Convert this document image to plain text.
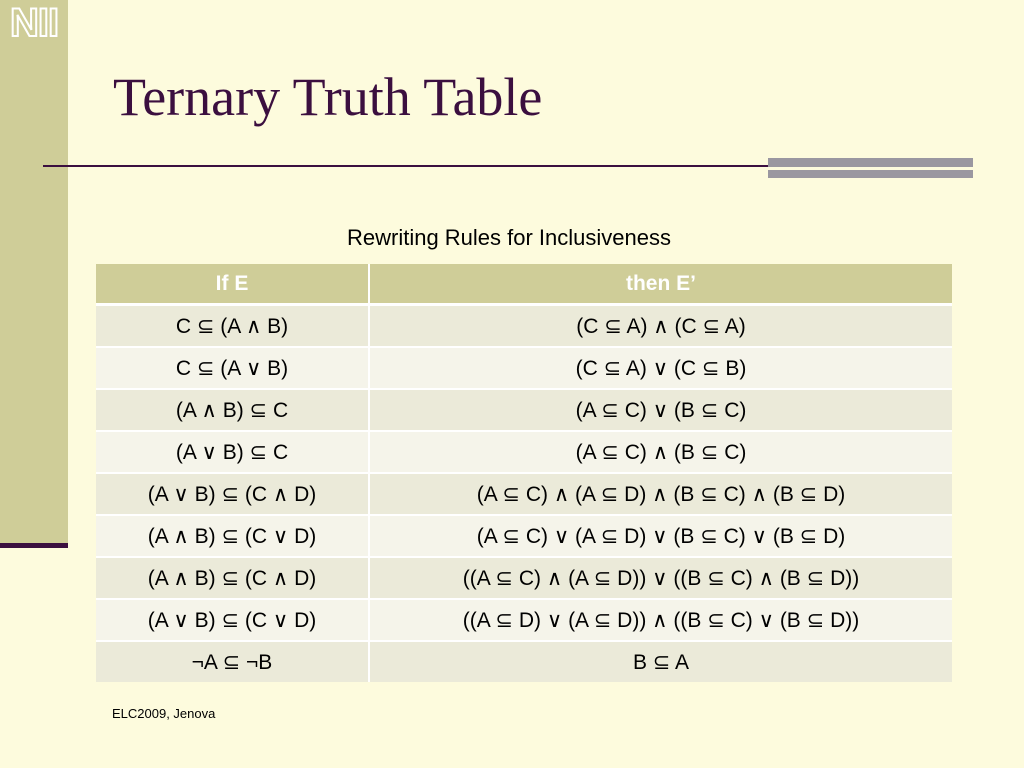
NII
Ternary Truth Table
Rewriting Rules for Inclusiveness
If E	then E’
C ⊆ (A ∧ B)	(C ⊆ A) ∧ (C ⊆ A)
C ⊆ (A ∨ B)	(C ⊆ A) ∨ (C ⊆ B)
(A ∧ B) ⊆ C	(A ⊆ C) ∨ (B ⊆ C)
(A ∨ B) ⊆ C	(A ⊆ C) ∧ (B ⊆ C)
(A ∨ B) ⊆ (C ∧ D)	(A ⊆ C) ∧ (A ⊆ D) ∧ (B ⊆ C) ∧ (B ⊆ D)
(A ∧ B) ⊆ (C ∨ D)	(A ⊆ C) ∨ (A ⊆ D) ∨ (B ⊆ C) ∨ (B ⊆ D)
(A ∧ B) ⊆ (C ∧ D)	((A ⊆ C) ∧ (A ⊆ D)) ∨ ((B ⊆ C) ∧ (B ⊆ D))
(A ∨ B) ⊆ (C ∨ D)	((A ⊆ D) ∨ (A ⊆ D)) ∧ ((B ⊆ C) ∨ (B ⊆ D))
¬A ⊆ ¬B	B ⊆ A
ELC2009, Jenova
